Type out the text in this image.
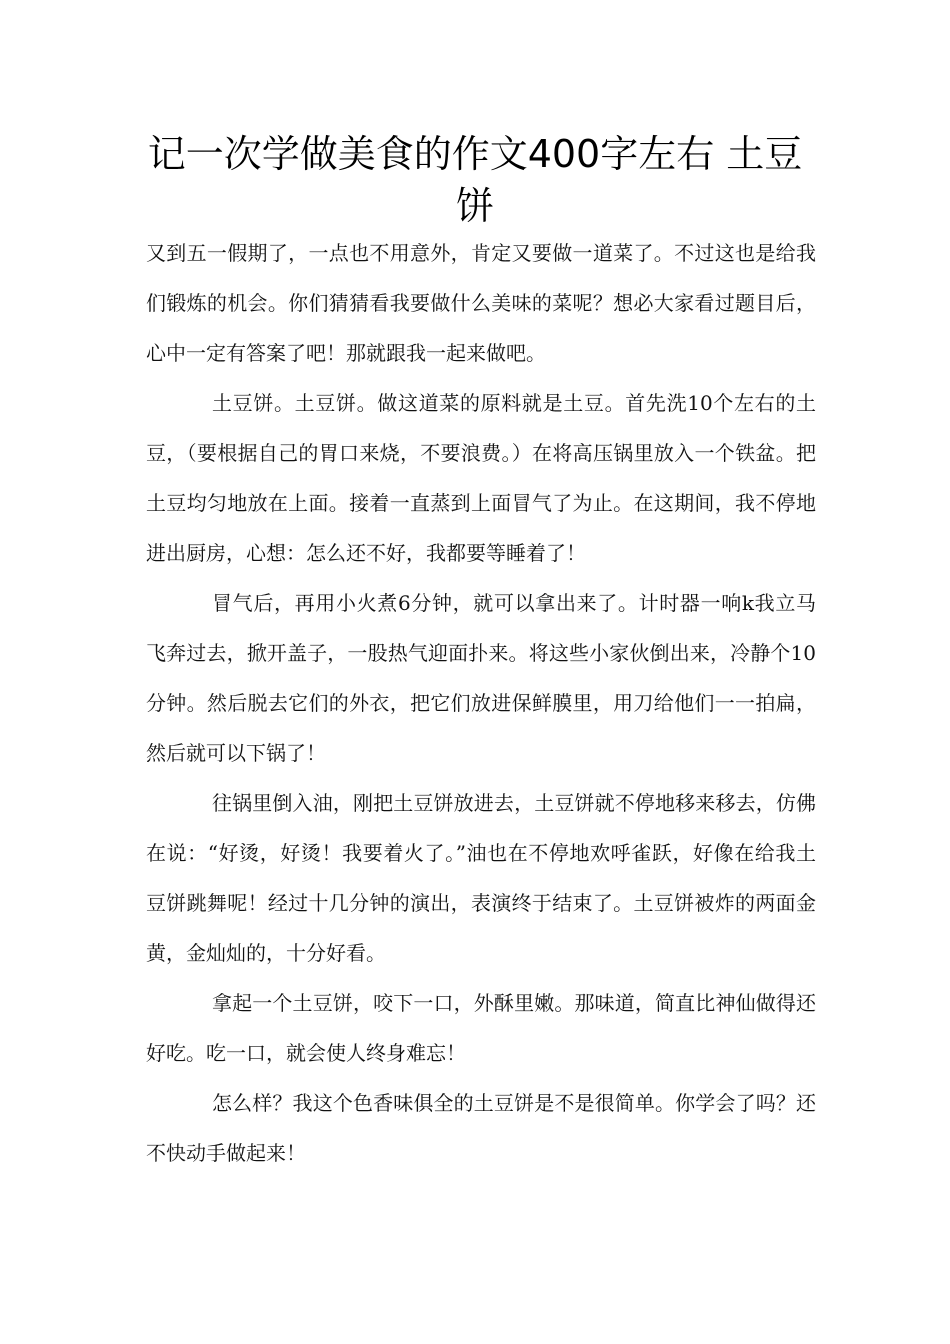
记一次学做美食的作文400字左右 土豆饼

又到五一假期了，一点也不用意外，肯定又要做一道菜了。不过这也是给我们锻炼的机会。你们猜猜看我要做什么美味的菜呢？想必大家看过题目后，心中一定有答案了吧！那就跟我一起来做吧。

土豆饼。土豆饼。做这道菜的原料就是土豆。首先洗10个左右的土豆，（要根据自己的胃口来烧，不要浪费。）在将高压锅里放入一个铁盆。把土豆均匀地放在上面。接着一直蒸到上面冒气了为止。在这期间，我不停地进出厨房，心想：怎么还不好，我都要等睡着了！

冒气后，再用小火煮6分钟，就可以拿出来了。计时器一响k我立马飞奔过去，掀开盖子，一股热气迎面扑来。将这些小家伙倒出来，冷静个10分钟。然后脱去它们的外衣，把它们放进保鲜膜里，用刀给他们一一拍扁，然后就可以下锅了！

往锅里倒入油，刚把土豆饼放进去，土豆饼就不停地移来移去，仿佛在说：“好烫，好烫！我要着火了。”油也在不停地欢呼雀跃，好像在给我土豆饼跳舞呢！经过十几分钟的演出，表演终于结束了。土豆饼被炸的两面金黄，金灿灿的，十分好看。

拿起一个土豆饼，咬下一口，外酥里嫩。那味道，简直比神仙做得还好吃。吃一口，就会使人终身难忘！

怎么样？我这个色香味俱全的土豆饼是不是很简单。你学会了吗？还不快动手做起来！
